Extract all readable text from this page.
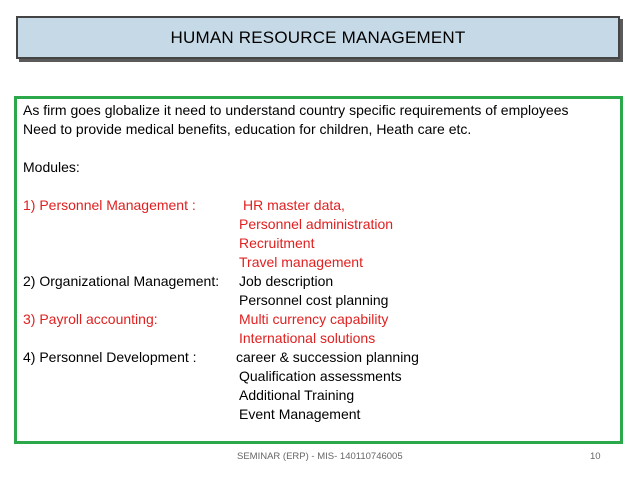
HUMAN RESOURCE MANAGEMENT
As firm goes globalize it need to understand country specific requirements of employees
Need to provide medical benefits, education for children, Heath care etc.
Modules:
1) Personnel Management :	HR master data,
Personnel administration
Recruitment
Travel management
2) Organizational Management: Job description
Personnel cost planning
3) Payroll accounting:	Multi currency capability
International solutions
4) Personnel Development :	career & succession planning
Qualification assessments
Additional Training
Event Management
SEMINAR (ERP) - MIS- 140110746005	10
